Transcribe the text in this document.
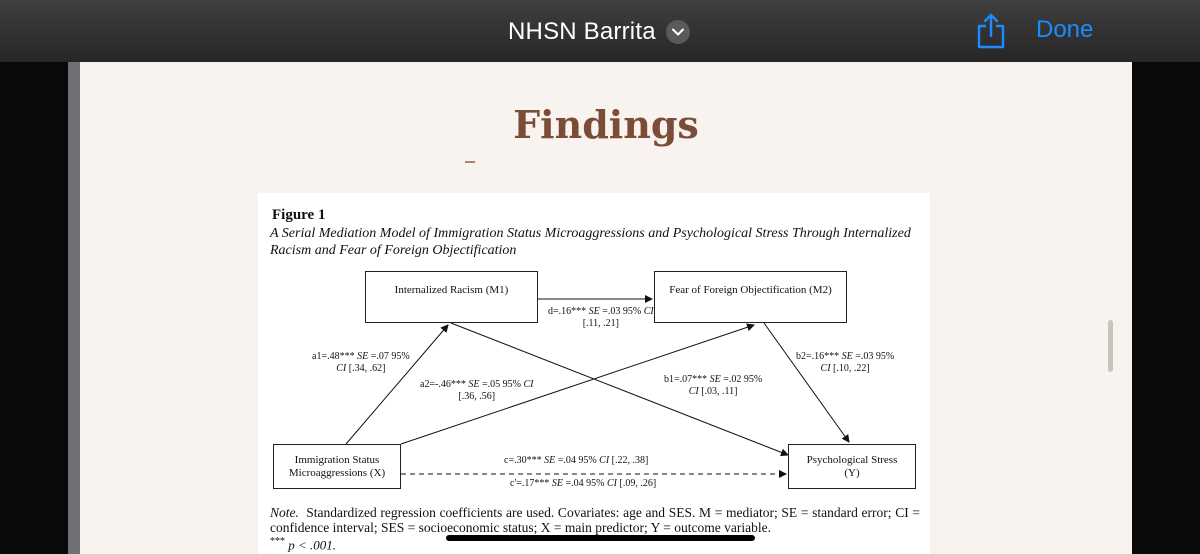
NHSN Barrita	Done
Findings
Figure 1
A Serial Mediation Model of Immigration Status Microaggressions and Psychological Stress Through Internalized Racism and Fear of Foreign Objectification
Internalized Racism (M1)	Fear of Foreign Objectification (M2)
Immigration Status
Microaggressions (X)
Psychological Stress
(Y)
d=.16*** SE =.03 95% CI
[.11, .21]
a1=.48*** SE =.07 95%
CI [.34, .62]
a2=-.46*** SE =.05 95% CI
[.36, .56]
b1=.07*** SE =.02 95%
CI [.03, .11]
b2=.16*** SE =.03 95%
CI [.10, .22]
c=.30*** SE =.04 95% CI [.22, .38]
c'=.17*** SE =.04 95% CI [.09, .26]
Note. Standardized regression coefficients are used. Covariates: age and SES. M = mediator; SE = standard error; CI = confidence interval; SES = socioeconomic status; X = main predictor; Y = outcome variable.
*** p < .001.
